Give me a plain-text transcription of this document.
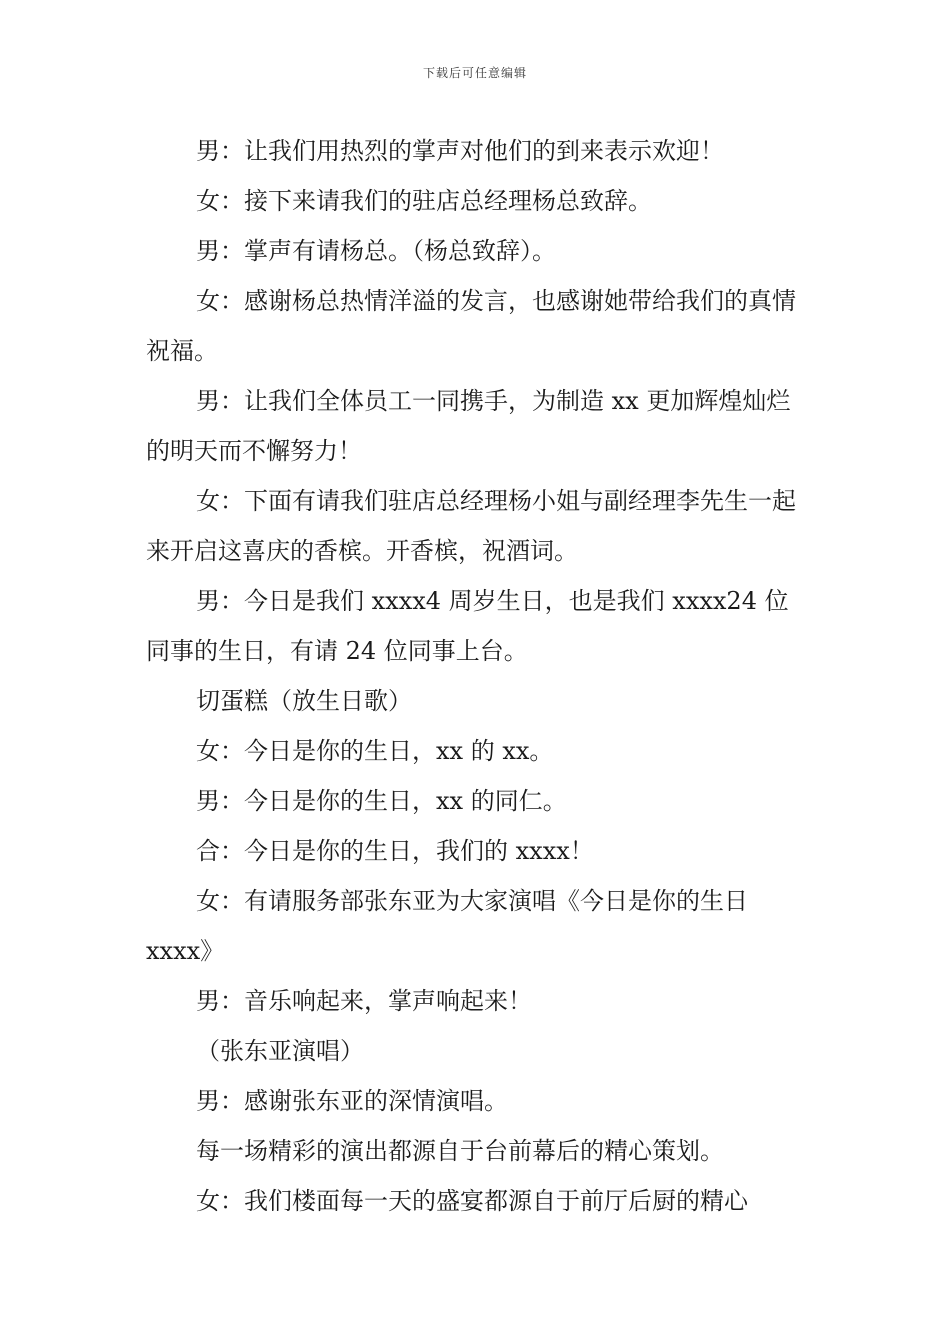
下载后可任意编辑

男：让我们用热烈的掌声对他们的到来表示欢迎！

女：接下来请我们的驻店总经理杨总致辞。

男：掌声有请杨总。（杨总致辞）。

女：感谢杨总热情洋溢的发言，也感谢她带给我们的真情祝福。

男：让我们全体员工一同携手，为制造 xx 更加辉煌灿烂的明天而不懈努力！

女：下面有请我们驻店总经理杨小姐与副经理李先生一起来开启这喜庆的香槟。开香槟，祝酒词。

男：今日是我们 xxxx4 周岁生日，也是我们 xxxx24 位同事的生日，有请 24 位同事上台。

切蛋糕（放生日歌）

女：今日是你的生日，xx 的 xx。

男：今日是你的生日，xx 的同仁。

合：今日是你的生日，我们的 xxxx！

女：有请服务部张东亚为大家演唱《今日是你的生日 xxxx》

男：音乐响起来，掌声响起来！

（张东亚演唱）

男：感谢张东亚的深情演唱。

每一场精彩的演出都源自于台前幕后的精心策划。

女：我们楼面每一天的盛宴都源自于前厅后厨的精心
